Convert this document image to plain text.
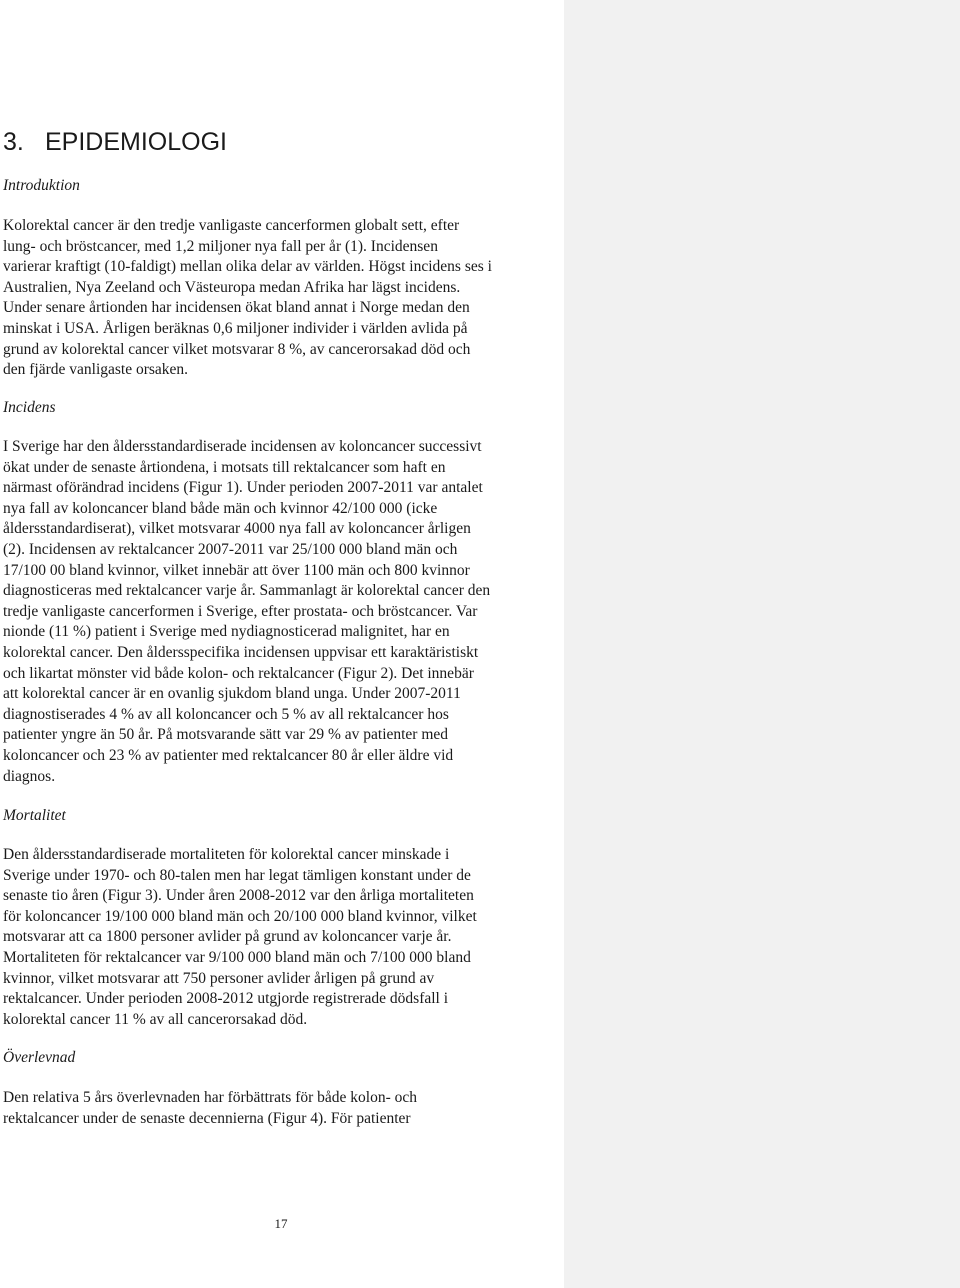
3. EPIDEMIOLOGI
Introduktion

Kolorektal cancer är den tredje vanligaste cancerformen globalt sett, efter
lung- och bröstcancer, med 1,2 miljoner nya fall per år (1). Incidensen
varierar kraftigt (10-faldigt) mellan olika delar av världen. Högst incidens ses i
Australien, Nya Zeeland och Västeuropa medan Afrika har lägst incidens.
Under senare årtionden har incidensen ökat bland annat i Norge medan den
minskat i USA. Årligen beräknas 0,6 miljoner individer i världen avlida på
grund av kolorektal cancer vilket motsvarar 8 %, av cancerorsakad död och
den fjärde vanligaste orsaken.

Incidens

I Sverige har den åldersstandardiserade incidensen av koloncancer successivt
ökat under de senaste årtiondena, i motsats till rektalcancer som haft en
närmast oförändrad incidens (Figur 1). Under perioden 2007-2011 var antalet
nya fall av koloncancer bland både män och kvinnor 42/100 000 (icke
åldersstandardiserat), vilket motsvarar 4000 nya fall av koloncancer årligen
(2). Incidensen av rektalcancer 2007-2011 var 25/100 000 bland män och
17/100 00 bland kvinnor, vilket innebär att över 1100 män och 800 kvinnor
diagnosticeras med rektalcancer varje år. Sammanlagt är kolorektal cancer den
tredje vanligaste cancerformen i Sverige, efter prostata- och bröstcancer. Var
nionde (11 %) patient i Sverige med nydiagnosticerad malignitet, har en
kolorektal cancer. Den åldersspecifika incidensen uppvisar ett karaktäristiskt
och likartat mönster vid både kolon- och rektalcancer (Figur 2). Det innebär
att kolorektal cancer är en ovanlig sjukdom bland unga. Under 2007-2011
diagnostiserades 4 % av all koloncancer och 5 % av all rektalcancer hos
patienter yngre än 50 år. På motsvarande sätt var 29 % av patienter med
koloncancer och 23 % av patienter med rektalcancer 80 år eller äldre vid
diagnos.

Mortalitet

Den åldersstandardiserade mortaliteten för kolorektal cancer minskade i
Sverige under 1970- och 80-talen men har legat tämligen konstant under de
senaste tio åren (Figur 3). Under åren 2008-2012 var den årliga mortaliteten
för koloncancer 19/100 000 bland män och 20/100 000 bland kvinnor, vilket
motsvarar att ca 1800 personer avlider på grund av koloncancer varje år.
Mortaliteten för rektalcancer var 9/100 000 bland män och 7/100 000 bland
kvinnor, vilket motsvarar att 750 personer avlider årligen på grund av
rektalcancer. Under perioden 2008-2012 utgjorde registrerade dödsfall i
kolorektal cancer 11 % av all cancerorsakad död.

Överlevnad

Den relativa 5 års överlevnaden har förbättrats för både kolon- och
rektalcancer under de senaste decennierna (Figur 4). För patienter

17
